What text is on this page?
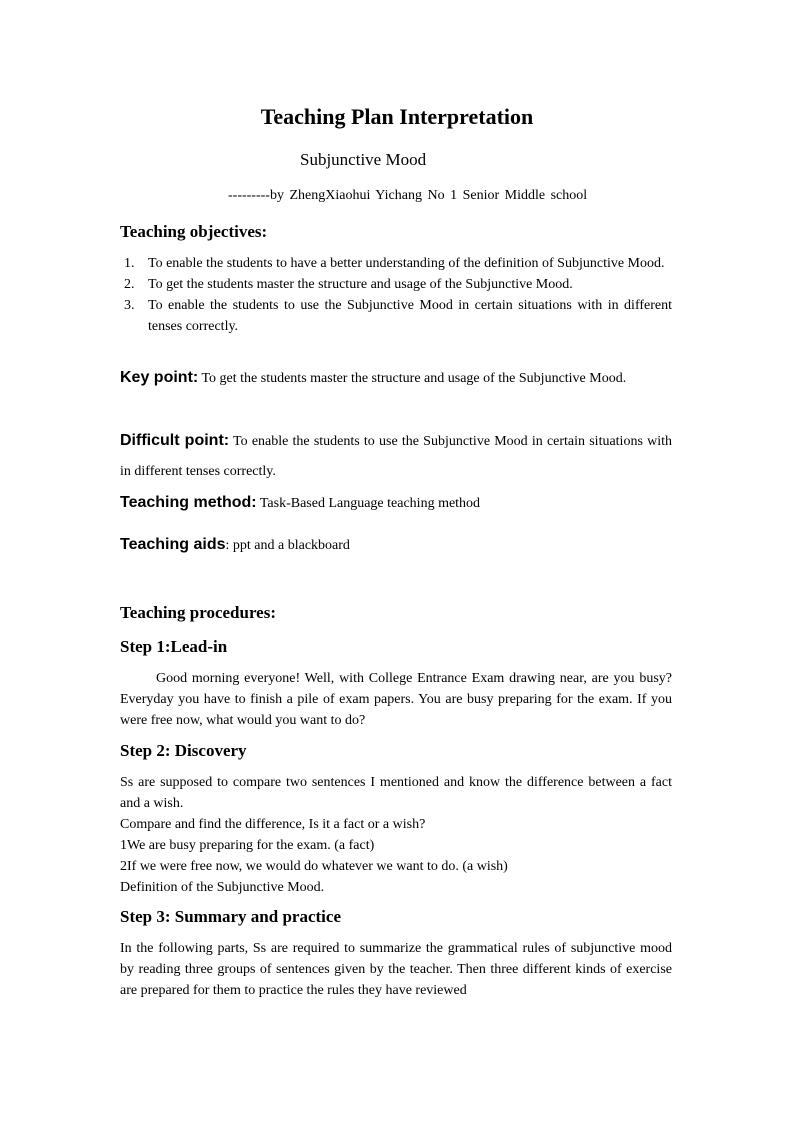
Teaching Plan Interpretation
Subjunctive Mood
---------by ZhengXiaohui Yichang No 1 Senior Middle school
Teaching objectives:
1. To enable the students to have a better understanding of the definition of Subjunctive Mood.
2. To get the students master the structure and usage of the Subjunctive Mood.
3. To enable the students to use the Subjunctive Mood in certain situations with in different tenses correctly.
Key point: To get the students master the structure and usage of the Subjunctive Mood.
Difficult point: To enable the students to use the Subjunctive Mood in certain situations with in different tenses correctly.
Teaching method: Task-Based Language teaching method
Teaching aids: ppt and a blackboard
Teaching procedures:
Step 1:Lead-in
Good morning everyone! Well, with College Entrance Exam drawing near, are you busy? Everyday you have to finish a pile of exam papers. You are busy preparing for the exam. If you were free now, what would you want to do?
Step 2: Discovery
Ss are supposed to compare two sentences I mentioned and know the difference between a fact and a wish.
Compare and find the difference, Is it a fact or a wish?
1We are busy preparing for the exam. (a fact)
2If we were free now, we would do whatever we want to do. (a wish)
Definition of the Subjunctive Mood.
Step 3: Summary and practice
In the following parts, Ss are required to summarize the grammatical rules of subjunctive mood by reading three groups of sentences given by the teacher. Then three different kinds of exercise are prepared for them to practice the rules they have reviewed
